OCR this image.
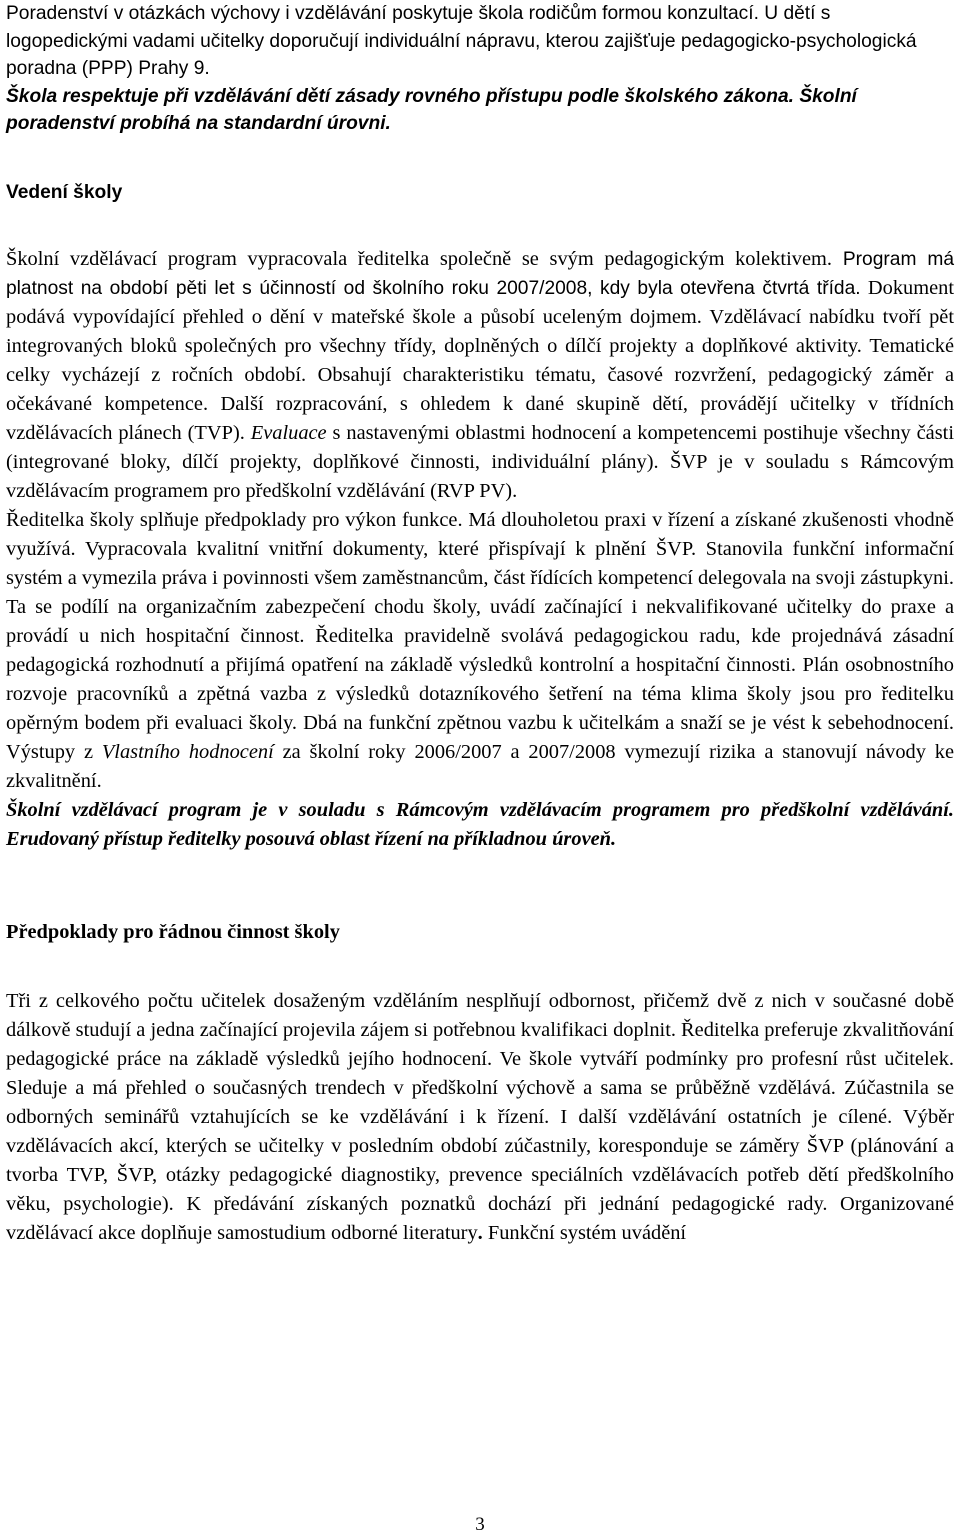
Poradenství v otázkách výchovy i vzdělávání poskytuje škola rodičům formou konzultací. U dětí s logopedickými vadami učitelky doporučují individuální nápravu, kterou zajišťuje pedagogicko-psychologická poradna (PPP) Prahy 9.
Škola respektuje při vzdělávání dětí zásady rovného přístupu podle školského zákona. Školní poradenství probíhá na standardní úrovni.

Vedení školy

Školní vzdělávací program vypracovala ředitelka společně se svým pedagogickým kolektivem. Program má platnost na období pěti let s účinností od školního roku 2007/2008, kdy byla otevřena čtvrtá třída. Dokument podává vypovídající přehled o dění v mateřské škole a působí uceleným dojmem. Vzdělávací nabídku tvoří pět integrovaných bloků společných pro všechny třídy, doplněných o dílčí projekty a doplňkové aktivity. Tematické celky vycházejí z ročních období. Obsahují charakteristiku tématu, časové rozvržení, pedagogický záměr a očekávané kompetence. Další rozpracování, s ohledem k dané skupině dětí, provádějí učitelky v třídních vzdělávacích plánech (TVP). Evaluace s nastavenými oblastmi hodnocení a kompetencemi postihuje všechny části (integrované bloky, dílčí projekty, doplňkové činnosti, individuální plány). ŠVP je v souladu s Rámcovým vzdělávacím programem pro předškolní vzdělávání (RVP PV).

Ředitelka školy splňuje předpoklady pro výkon funkce. Má dlouholetou praxi v řízení a získané zkušenosti vhodně využívá. Vypracovala kvalitní vnitřní dokumenty, které přispívají k plnění ŠVP. Stanovila funkční informační systém a vymezila práva i povinnosti všem zaměstnancům, část řídících kompetencí delegovala na svoji zástupkyni. Ta se podílí na organizačním zabezpečení chodu školy, uvádí začínající i nekvalifikované učitelky do praxe a provádí u nich hospitační činnost. Ředitelka pravidelně svolává pedagogickou radu, kde projednává zásadní pedagogická rozhodnutí a přijímá opatření na základě výsledků kontrolní a hospitační činnosti. Plán osobnostního rozvoje pracovníků a zpětná vazba z výsledků dotazníkového šetření na téma klima školy jsou pro ředitelku opěrným bodem při evaluaci školy. Dbá na funkční zpětnou vazbu k učitelkám a snaží se je vést k sebehodnocení. Výstupy z Vlastního hodnocení za školní roky 2006/2007 a 2007/2008 vymezují rizika a stanovují návody ke zkvalitnění.

Školní vzdělávací program je v souladu s Rámcovým vzdělávacím programem pro předškolní vzdělávání. Erudovaný přístup ředitelky posouvá oblast řízení na příkladnou úroveň.

Předpoklady pro řádnou činnost školy

Tři z celkového počtu učitelek dosaženým vzděláním nesplňují odbornost, přičemž dvě z nich v současné době dálkově studují a jedna začínající projevila zájem si potřebnou kvalifikaci doplnit. Ředitelka preferuje zkvalitňování pedagogické práce na základě výsledků jejího hodnocení. Ve škole vytváří podmínky pro profesní růst učitelek. Sleduje a má přehled o současných trendech v předškolní výchově a sama se průběžně vzdělává. Zúčastnila se odborných seminářů vztahujících se ke vzdělávání i k řízení. I další vzdělávání ostatních je cílené. Výběr vzdělávacích akcí, kterých se učitelky v posledním období zúčastnily, koresponduje se záměry ŠVP (plánování a tvorba TVP, ŠVP, otázky pedagogické diagnostiky, prevence speciálních vzdělávacích potřeb dětí předškolního věku, psychologie). K předávání získaných poznatků dochází při jednání pedagogické rady. Organizované vzdělávací akce doplňuje samostudium odborné literatury. Funkční systém uvádění

3
